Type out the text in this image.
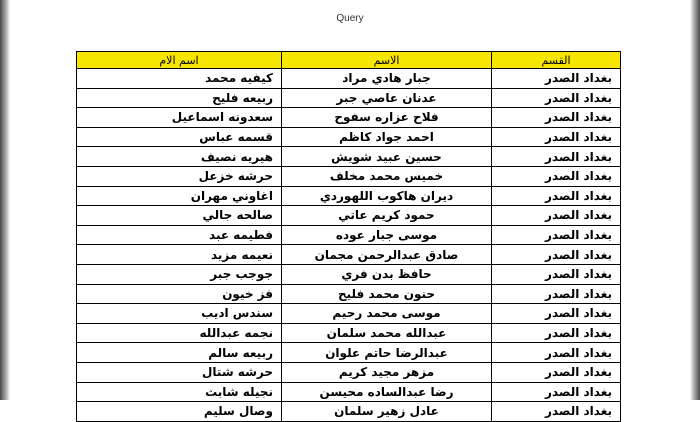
Query
اسم الام	الاسم	القسم
كيفيه محمد	جبار هادي مراد	بغداد الصدر
ربيعه فليح	عدنان عاصي جبر	بغداد الصدر
سعدونه اسماعيل	فلاح عزاره سفوح	بغداد الصدر
قسمه عباس	احمد جواد كاظم	بغداد الصدر
هيريه نصيف	حسين عبيد شويش	بغداد الصدر
حرشه خزعل	خميس محمد مخلف	بغداد الصدر
اغاوني مهران	ديران هاكوب اللهوردي	بغداد الصدر
صالحه جالي	حمود كريم عاتي	بغداد الصدر
فطيمه عبد	موسى جبار عوده	بغداد الصدر
نعيمه مزيد	صادق عبدالرحمن مجمان	بغداد الصدر
جوجب جبر	حافظ بدن فري	بغداد الصدر
فز خيون	حنون محمد فليح	بغداد الصدر
سندس اديب	موسى محمد رحيم	بغداد الصدر
نجمه عبدالله	عبدالله محمد سلمان	بغداد الصدر
ربيعه سالم	عبدالرضا حاتم علوان	بغداد الصدر
حرشه شتال	مزهر مجيد كريم	بغداد الصدر
نجيله شابث	رضا عبدالساده محيسن	بغداد الصدر
وصال سليم	عادل زهير سلمان	بغداد الصدر
